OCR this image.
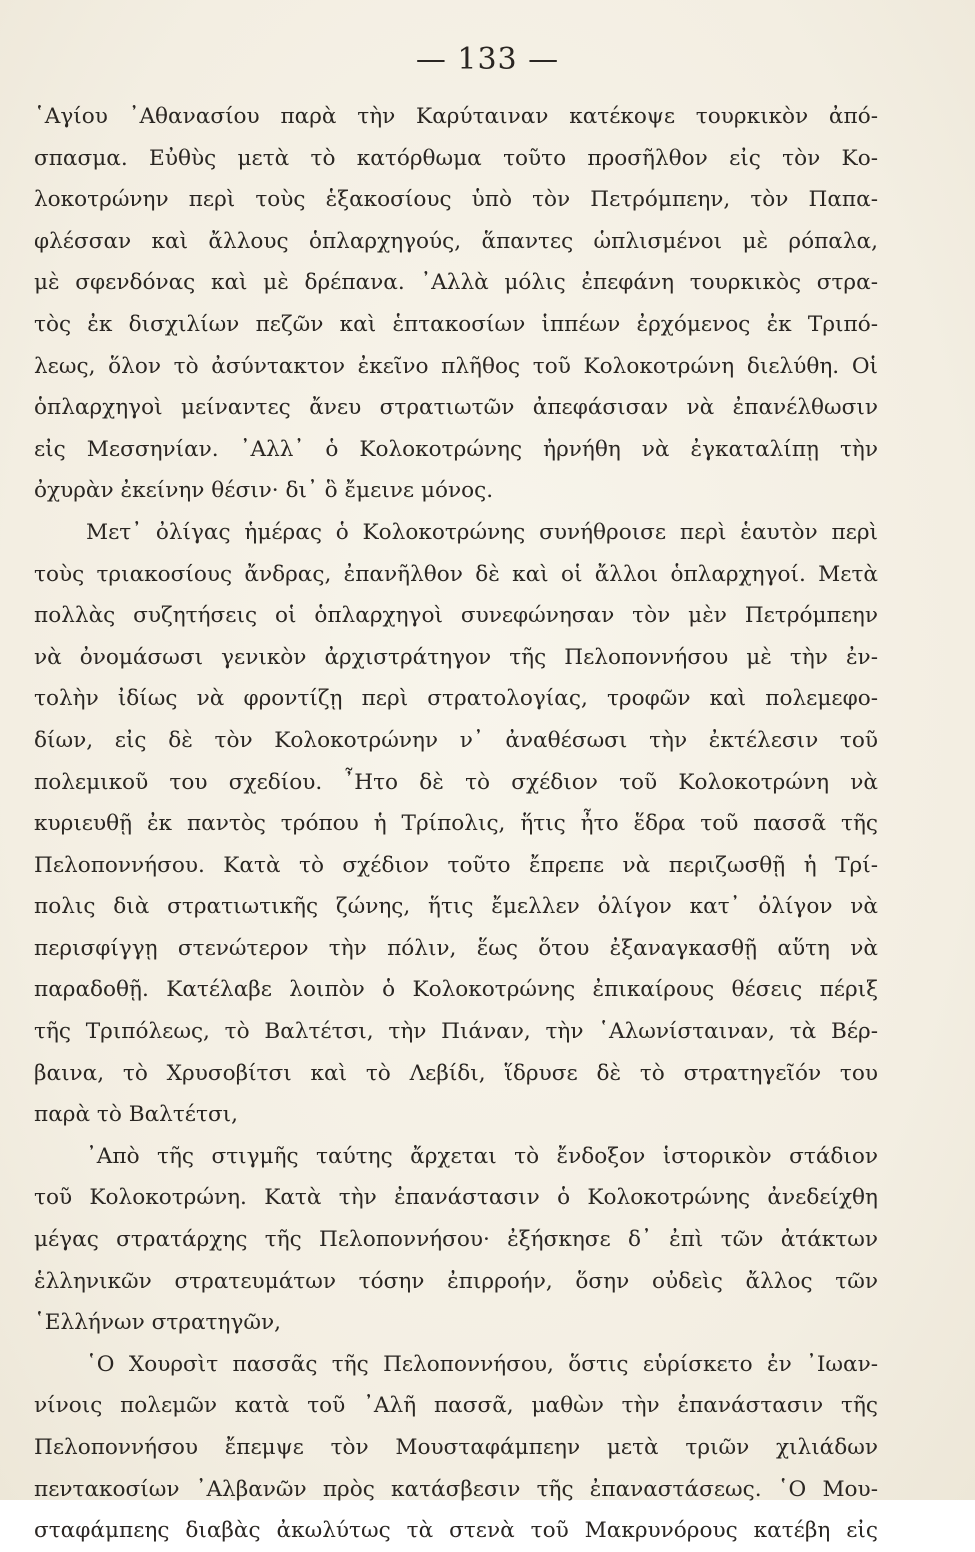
— 133 —
῾Αγίου ᾿Αθανασίου παρὰ τὴν Καρύταιναν κατέκοψε τουρκικὸν ἀπό-
σπασμα. Εὐθὺς μετὰ τὸ κατόρθωμα τοῦτο προσῆλθον εἰς τὸν Κο-
λοκοτρώνην περὶ τοὺς ἑξακοσίους ὑπὸ τὸν Πετρόμπεην, τὸν Παπα-
φλέσσαν καὶ ἄλλους ὁπλαρχηγούς, ἅπαντες ὡπλισμένοι μὲ ρόπαλα,
μὲ σφενδόνας καὶ μὲ δρέπανα. ᾿Αλλὰ μόλις ἐπεφάνη τουρκικὸς στρα-
τὸς ἐκ δισχιλίων πεζῶν καὶ ἑπτακοσίων ἱππέων ἐρχόμενος ἐκ Τριπό-
λεως, ὅλον τὸ ἀσύντακτον ἐκεῖνο πλῆθος τοῦ Κολοκοτρώνη διελύθη. Οἱ
ὁπλαρχηγοὶ μείναντες ἄνευ στρατιωτῶν ἀπεφάσισαν νὰ ἐπανέλθωσιν
εἰς Μεσσηνίαν. ᾿Αλλ᾿ ὁ Κολοκοτρώνης ἠρνήθη νὰ ἐγκαταλίπῃ τὴν
ὀχυρὰν ἐκείνην θέσιν· δι᾿ ὃ ἔμεινε μόνος.
Μετ᾿ ὀλίγας ἡμέρας ὁ Κολοκοτρώνης συνήθροισε περὶ ἑαυτὸν περὶ
τοὺς τριακοσίους ἄνδρας, ἐπανῆλθον δὲ καὶ οἱ ἄλλοι ὁπλαρχηγοί. Μετὰ
πολλὰς συζητήσεις οἱ ὁπλαρχηγοὶ συνεφώνησαν τὸν μὲν Πετρόμπεην
νὰ ὀνομάσωσι γενικὸν ἀρχιστράτηγον τῆς Πελοποννήσου μὲ τὴν ἐν-
τολὴν ἰδίως νὰ φροντίζῃ περὶ στρατολογίας, τροφῶν καὶ πολεμεφο-
δίων, εἰς δὲ τὸν Κολοκοτρώνην ν᾿ ἀναθέσωσι τὴν ἐκτέλεσιν τοῦ
πολεμικοῦ του σχεδίου. ῏Ητο δὲ τὸ σχέδιον τοῦ Κολοκοτρώνη νὰ
κυριευθῇ ἐκ παντὸς τρόπου ἡ Τρίπολις, ἥτις ἦτο ἕδρα τοῦ πασσᾶ τῆς
Πελοποννήσου. Κατὰ τὸ σχέδιον τοῦτο ἔπρεπε νὰ περιζωσθῇ ἡ Τρί-
πολις διὰ στρατιωτικῆς ζώνης, ἥτις ἔμελλεν ὀλίγον κατ᾿ ὀλίγον νὰ
περισφίγγῃ στενώτερον τὴν πόλιν, ἕως ὅτου ἐξαναγκασθῇ αὕτη νὰ
παραδοθῇ. Κατέλαβε λοιπὸν ὁ Κολοκοτρώνης ἐπικαίρους θέσεις πέριξ
τῆς Τριπόλεως, τὸ Βαλτέτσι, τὴν Πιάναν, τὴν ῾Αλωνίσταιναν, τὰ Βέρ-
βαινα, τὸ Χρυσοβίτσι καὶ τὸ Λεβίδι, ἵδρυσε δὲ τὸ στρατηγεῖόν του
παρὰ τὸ Βαλτέτσι,
᾿Απὸ τῆς στιγμῆς ταύτης ἄρχεται τὸ ἔνδοξον ἱστορικὸν στάδιον
τοῦ Κολοκοτρώνη. Κατὰ τὴν ἐπανάστασιν ὁ Κολοκοτρώνης ἀνεδείχθη
μέγας στρατάρχης τῆς Πελοποννήσου· ἐξήσκησε δ᾿ ἐπὶ τῶν ἀτάκτων
ἑλληνικῶν στρατευμάτων τόσην ἐπιρροήν, ὅσην οὐδεὶς ἄλλος τῶν
῾Ελλήνων στρατηγῶν,
῾Ο Χουρσὶτ πασσᾶς τῆς Πελοποννήσου, ὅστις εὑρίσκετο ἐν ᾿Ιωαν-
νίνοις πολεμῶν κατὰ τοῦ ᾿Αλῆ πασσᾶ, μαθὼν τὴν ἐπανάστασιν τῆς
Πελοποννήσου ἔπεμψε τὸν Μουσταφάμπεην μετὰ τριῶν χιλιάδων
πεντακοσίων ᾿Αλβανῶν πρὸς κατάσβεσιν τῆς ἐπαναστάσεως. ῾Ο Μου-
σταφάμπεης διαβὰς ἀκωλύτως τὰ στενὰ τοῦ Μακρυνόρους κατέβη εἰς
